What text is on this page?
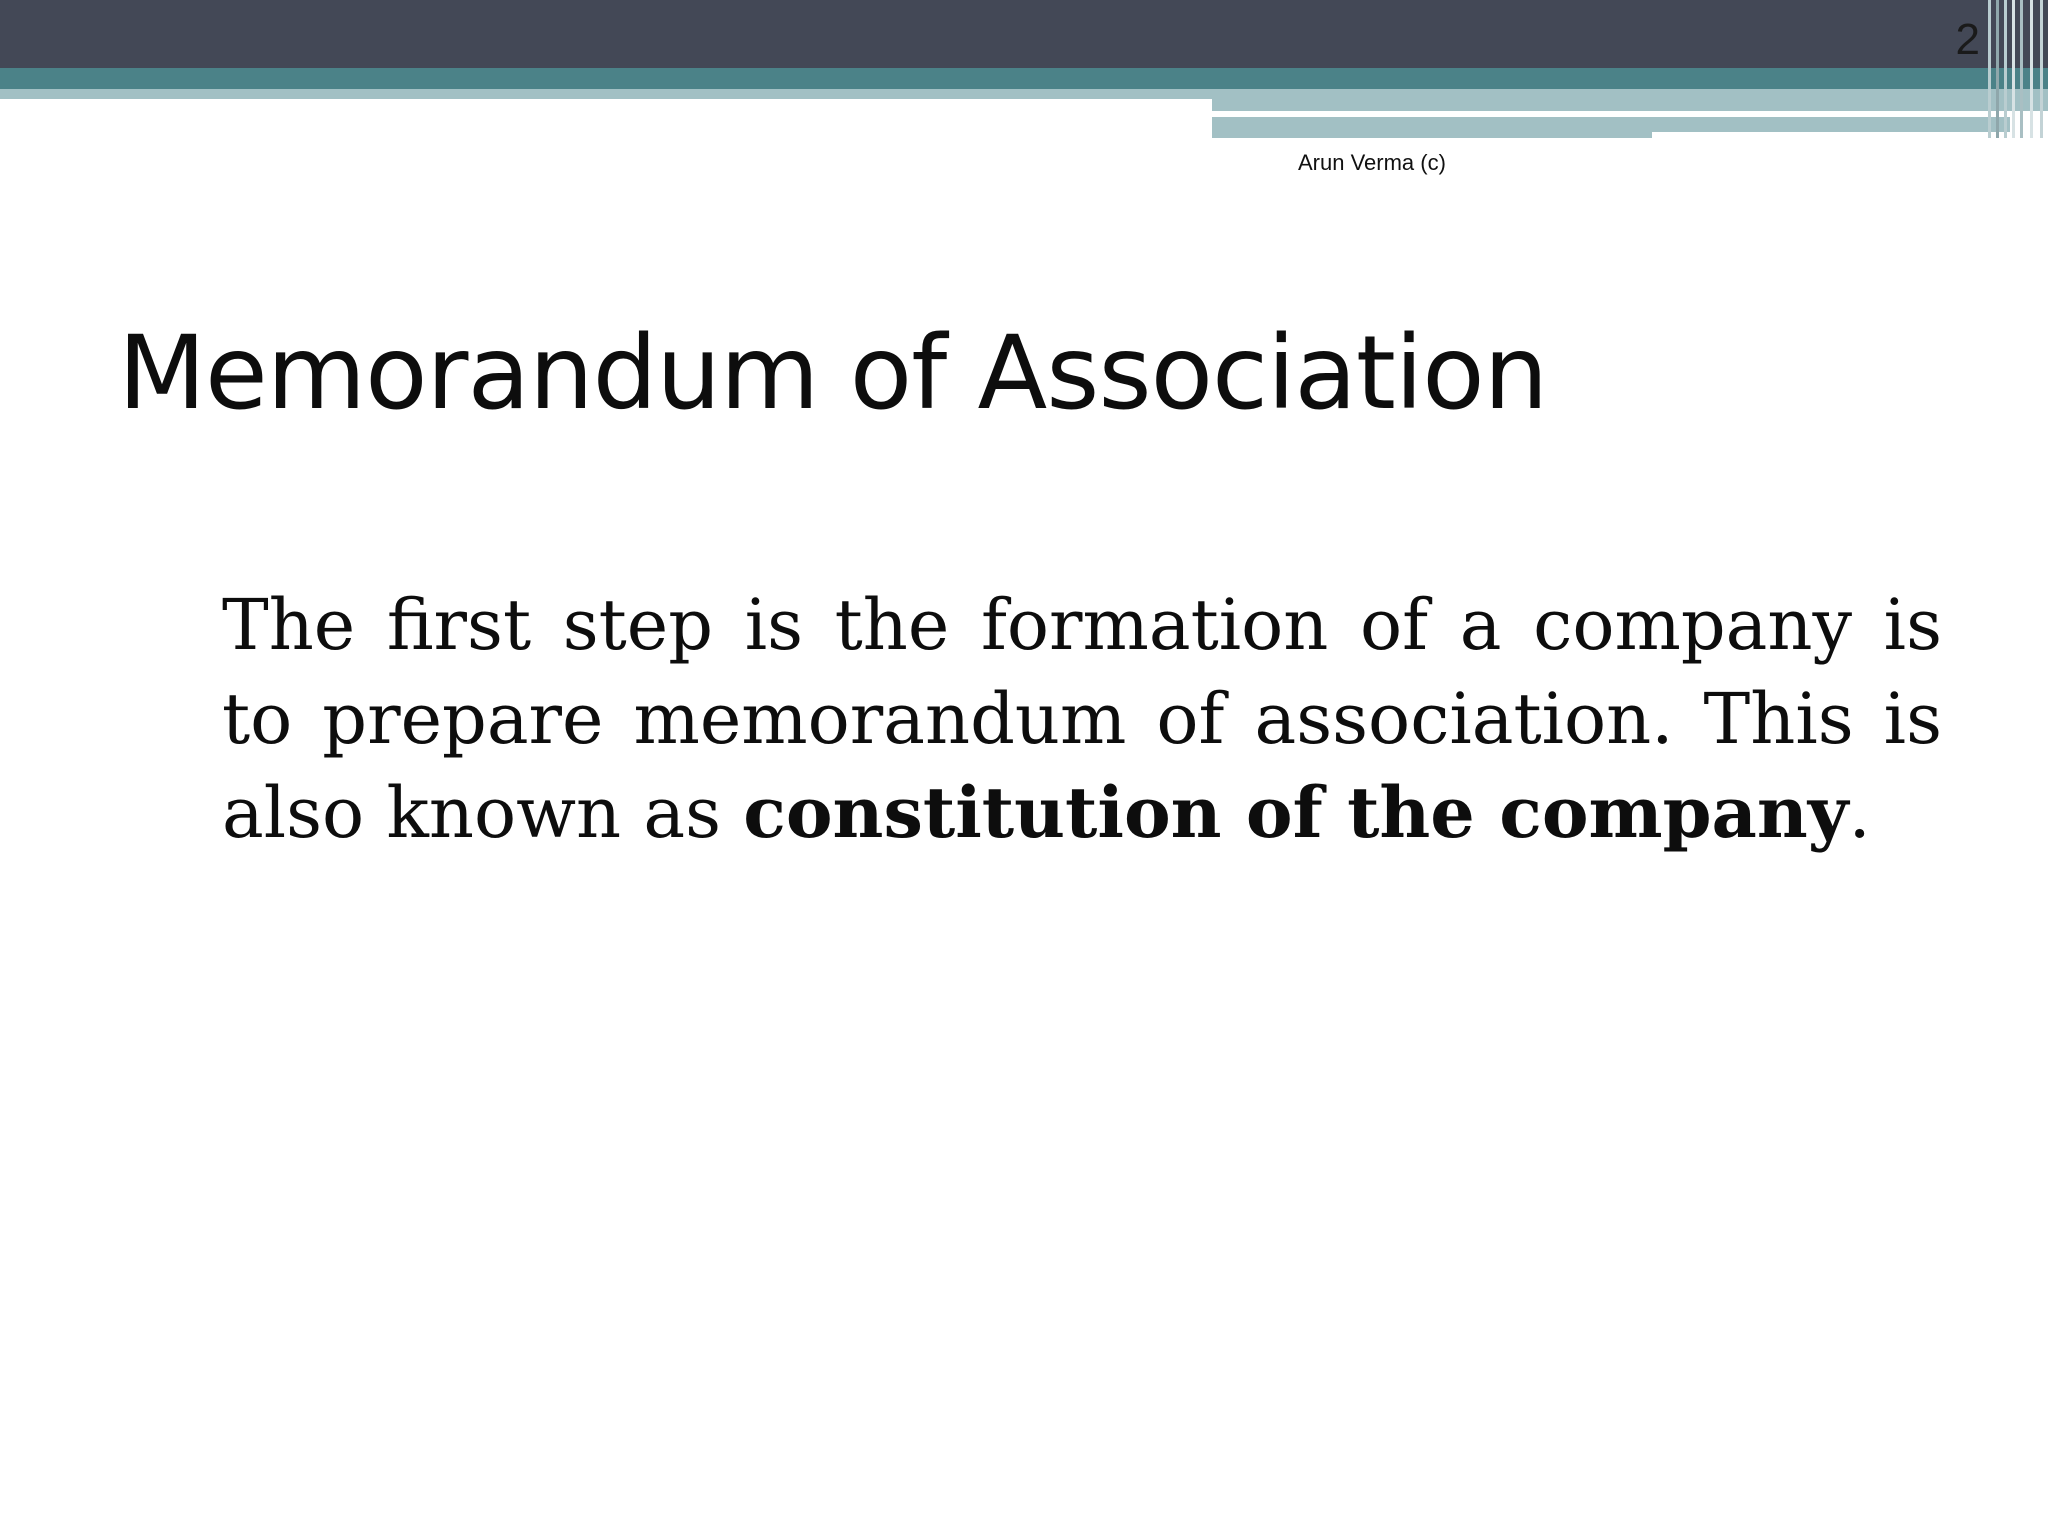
2
Arun Verma (c)
Memorandum of Association

The first step is the formation of a company is to prepare memorandum of association. This is also known as constitution of the company.
